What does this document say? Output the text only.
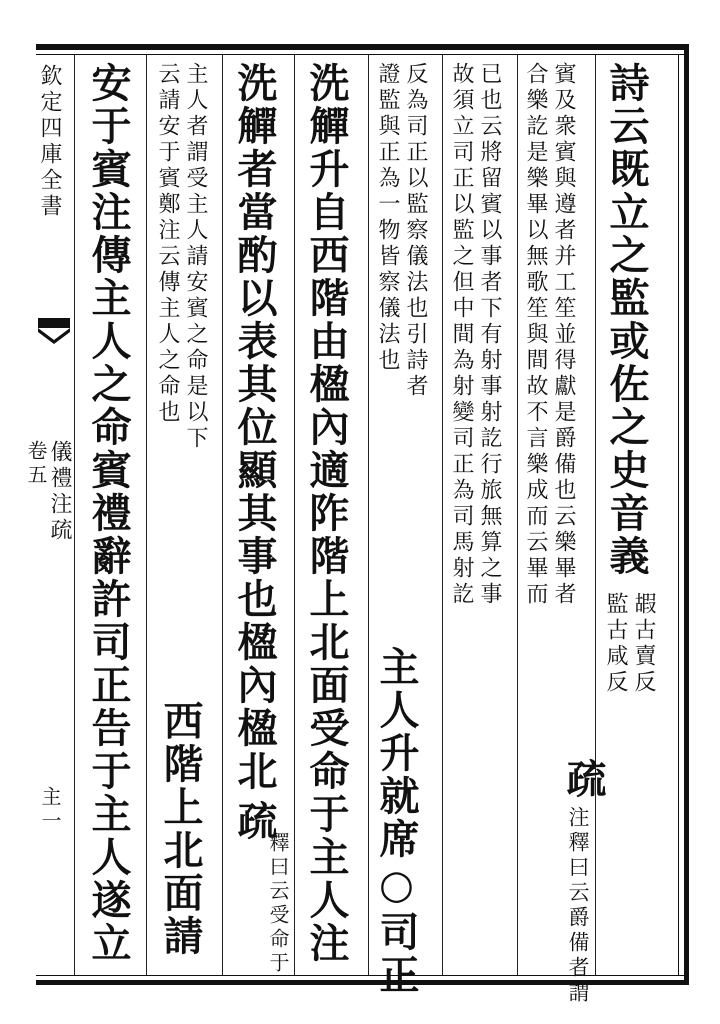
欽定四庫全書
儀禮注疏
卷五
主一
詩云既立之監或佐之史音義
嘏古賣反
監古咸反
疏
注釋曰云爵備者謂
賓及衆賓與遵者并工笙並得獻是爵備也云樂畢者
合樂訖是樂畢以無歌笙與間故不言樂成而云畢而
已也云將留賓以事者下有射事射訖行旅無算之事
故須立司正以監之但中間為射變司正為司馬射訖
反為司正以監察儀法也引詩者
證監與正為一物皆察儀法也
主人升就席○司正
洗觶升自西階由楹內適阼階上北面受命于主人注
洗觶者當酌以表其位顯其事也楹內楹北
疏
釋曰云受命于
主人者謂受主人請安賓之命是以下
云請安于賓鄭注云傳主人之命也
西階上北面請
安于賓注傳主人之命賓禮辭許司正告于主人遂立
